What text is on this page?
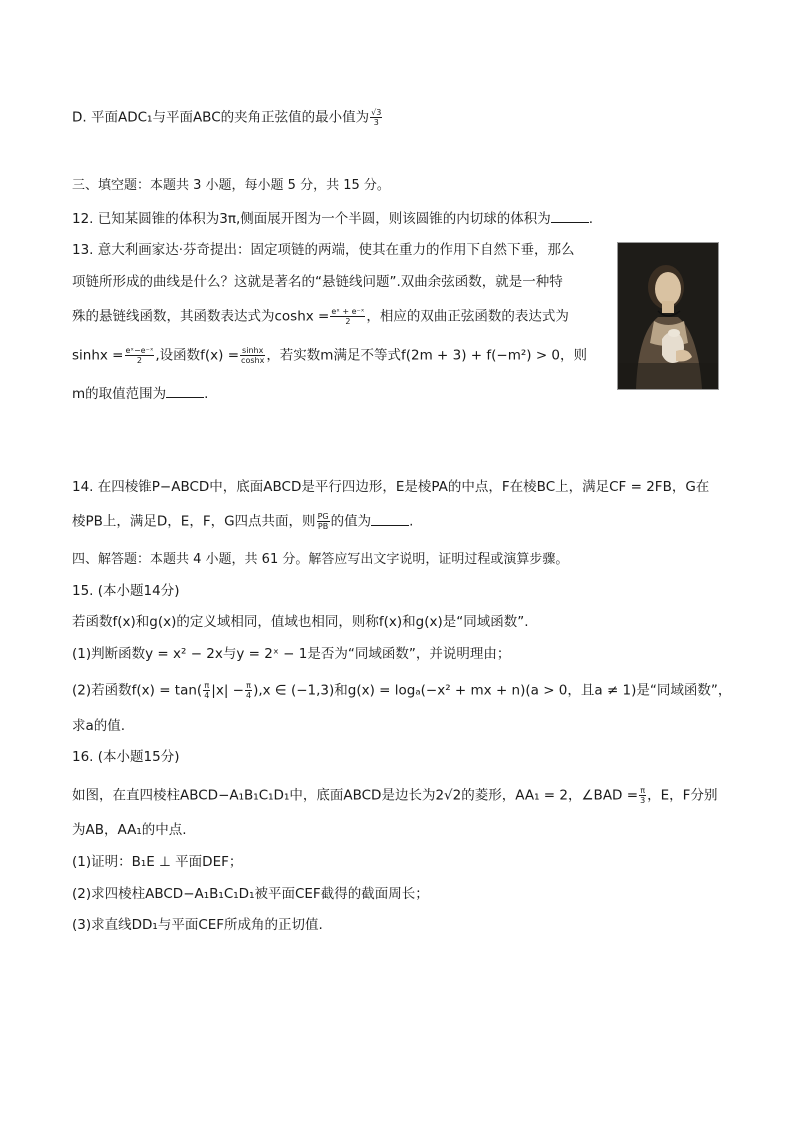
D. 平面ADC₁与平面ABC的夹角正弦值的最小值为 $\frac{√3}{3}$
三、填空题：本题共 3 小题，每小题 5 分，共 15 分。
12. 已知某圆锥的体积为3π,侧面展开图为一个半圆，则该圆锥的内切球的体积为	.
13. 意大利画家达·芬奇提出：固定项链的两端，使其在重力的作用下自然下垂，那么
项链所形成的曲线是什么？这就是著名的“悬链线问题”.双曲余弦函数，就是一种特
殊的悬链线函数，其函数表达式为$\cosh x = \frac{\text{eˣ + e⁻ˣ}}{2}$ ，相应的双曲正弦函数的表达式为
$\sinh x = \frac{\text{eˣ−e⁻ˣ}}{2}$ ,设函数$f(x) = \frac{\sinh x}{\cosh x}$ ，若实数m满足不等式f(2m + 3) + f(−m²) > 0，则
m的取值范围为	.
14. 在四棱锥P−ABCD中，底面ABCD是平行四边形，E是棱PA的中点，F在棱BC上，满足CF = 2FB，G在
棱PB上，满足D，E，F，G四点共面，则 $\frac{PG}{PB}$ 的值为	.
四、解答题：本题共 4 小题，共 61 分。解答应写出文字说明，证明过程或演算步骤。
15. (本小题14分)
若函数f(x)和g(x)的定义域相同，值域也相同，则称f(x)和g(x)是“同域函数”.
(1)判断函数y = x² − 2x与y = 2ˣ − 1是否为“同域函数”，并说明理由；
(2)若函数$f(x) = \tan( \frac{\pi}{4} |x| - \frac{\pi}{4} ),x$ ∈ (−1,3)和g(x) = logₐ(−x² + mx + n)(a > 0，且a ≠ 1)是“同域函数”，
求a的值.
16. (本小题15分)
如图，在直四棱柱ABCD−A₁B₁C₁D₁中，底面ABCD是边长为2√2的菱形，AA₁ = 2，∠BAD = $\frac{\pi}{3}$ ，E，F分别
为AB，AA₁的中点.
(1)证明：B₁E ⊥ 平面DEF；
(2)求四棱柱ABCD−A₁B₁C₁D₁被平面CEF截得的截面周长；
(3)求直线DD₁与平面CEF所成角的正切值.
